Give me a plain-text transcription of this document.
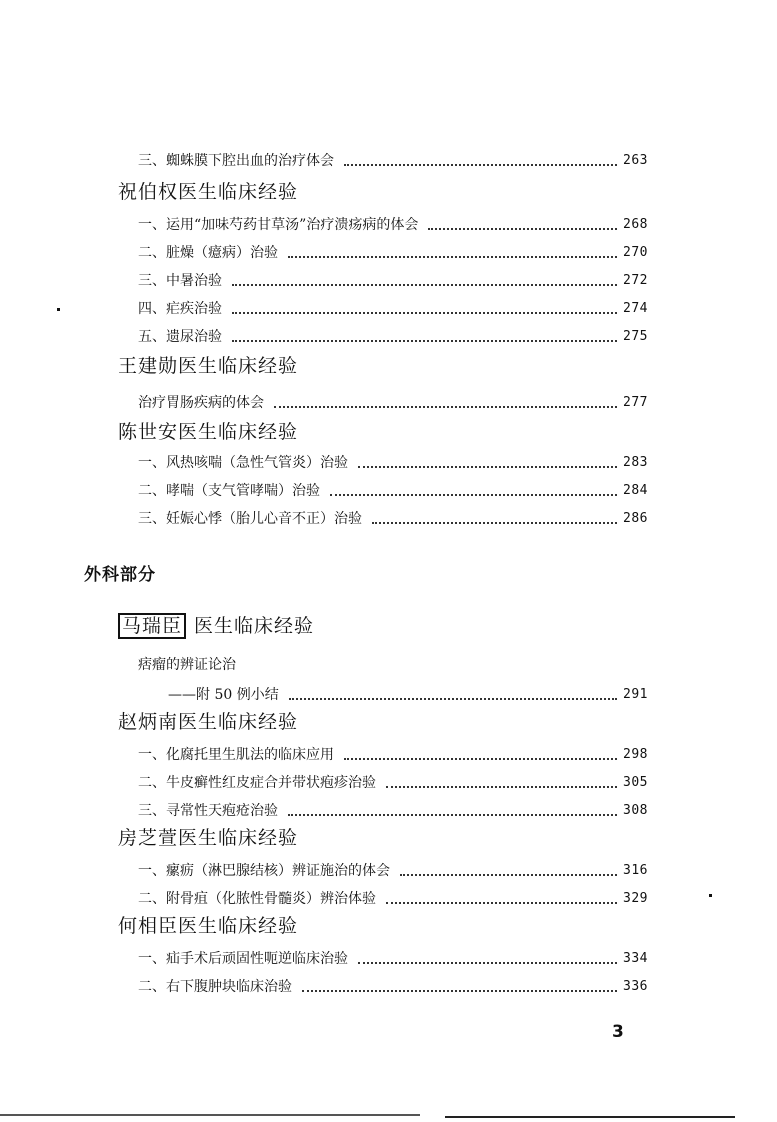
三、蜘蛛膜下腔出血的治疗体会	263
祝伯权医生临床经验
一、运用“加味芍药甘草汤”治疗溃疡病的体会	268
二、脏燥（癔病）治验	270
三、中暑治验	272
四、疟疾治验	274
五、遗尿治验	275
王建勋医生临床经验
治疗胃肠疾病的体会	277
陈世安医生临床经验
一、风热咳喘（急性气管炎）治验	283
二、哮喘（支气管哮喘）治验	284
三、妊娠心悸（胎儿心音不正）治验	286
外科部分
马瑞臣 医生临床经验
痞瘤的辨证论治
——附 50 例小结	291
赵炳南医生临床经验
一、化腐托里生肌法的临床应用	298
二、牛皮癣性红皮症合并带状疱疹治验	305
三、寻常性天疱疮治验	308
房芝萱医生临床经验
一、瘰疬（淋巴腺结核）辨证施治的体会	316
二、附骨疽（化脓性骨髓炎）辨治体验	329
何相臣医生临床经验
一、疝手术后顽固性呃逆临床治验	334
二、右下腹肿块临床治验	336
3
